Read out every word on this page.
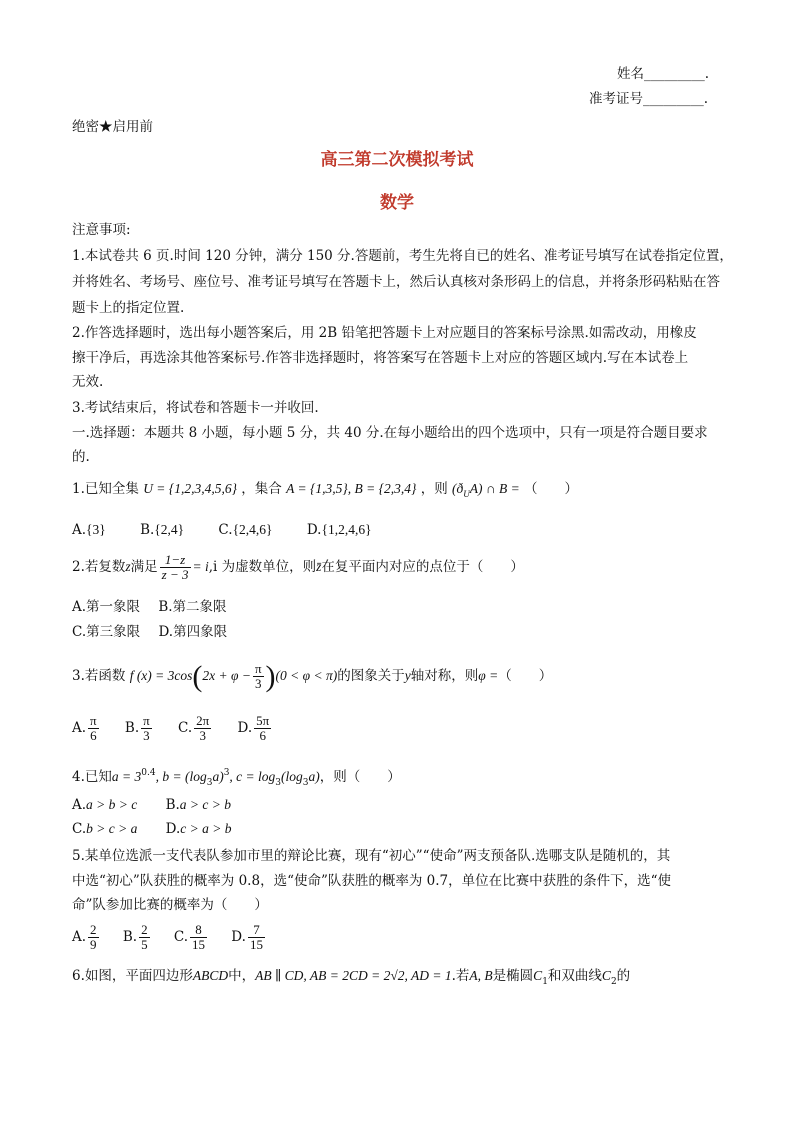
姓名_________.
准考证号_________.
绝密★启用前
高三第二次模拟考试
数学
注意事项:
1.本试卷共 6 页.时间 120 分钟，满分 150 分.答题前，考生先将自已的姓名、准考证号填写在试卷指定位置，
并将姓名、考场号、座位号、准考证号填写在答题卡上，然后认真核对条形码上的信息，并将条形码粘贴在答
题卡上的指定位置.
2.作答选择题时，选出每小题答案后，用 2B 铅笔把答题卡上对应题目的答案标号涂黑.如需改动，用橡皮
擦干净后，再选涂其他答案标号.作答非选择题时，将答案写在答题卡上对应的答题区域内.写在本试卷上
无效.
3.考试结束后，将试卷和答题卡一并收回.
一.选择题：本题共 8 小题，每小题 5 分，共 40 分.在每小题给出的四个选项中，只有一项是符合题目要求
的.
1.已知全集 U = {1,2,3,4,5,6} ，集合 A = {1,3,5}, B = {2,3,4} ，则 $(ð_UA)$ ∩ B = （　　）
A.{3}	B.{2,4}	C.{2,4,6}	D.{1,2,4,6}
2.若复数z满足 $\frac{1-z}{z - 3} = i,i$ 为虚数单位，则z̄在复平面内对应的点位于（　　）
A.第一象限 B.第二象限
C.第三象限 D.第四象限
3.若函数 f $(x) = 3\cos(2x + \varphi - \frac{\pi}{3} )(0 < \varphi < \pi)$的图象关于y轴对称，则φ =（　　）
A. $\frac{\pi}{6} B$. $\frac{\pi}{3} C$. $\frac{2\pi}{3} D$. $\frac{5\pi}{6}$
4.已知$a = 3^{0.4}$, $b = (\log_3a)^3$, $c = \log_3(\log_3a)$，则（　　）
A.a > b > c B.a > c > b
C.b > c > a D.c > a > b
5.某单位选派一支代表队参加市里的辩论比赛，现有“初心”“使命”两支预备队.选哪支队是随机的，其
中选“初心”队获胜的概率为 0.8，选“使命”队获胜的概率为 0.7，单位在比赛中获胜的条件下，选“使
命”队参加比赛的概率为（　　）
A. $\frac{2}{9} B$. $\frac{2}{5} C$. $\frac{8}{15} D$. $\frac{7}{15}$
6.如图，平面四边形ABCD中，AB ∥ CD, AB = 2CD = 2√2, AD = 1.若A, B是椭圆$C_1$和双曲线$C_2$的
